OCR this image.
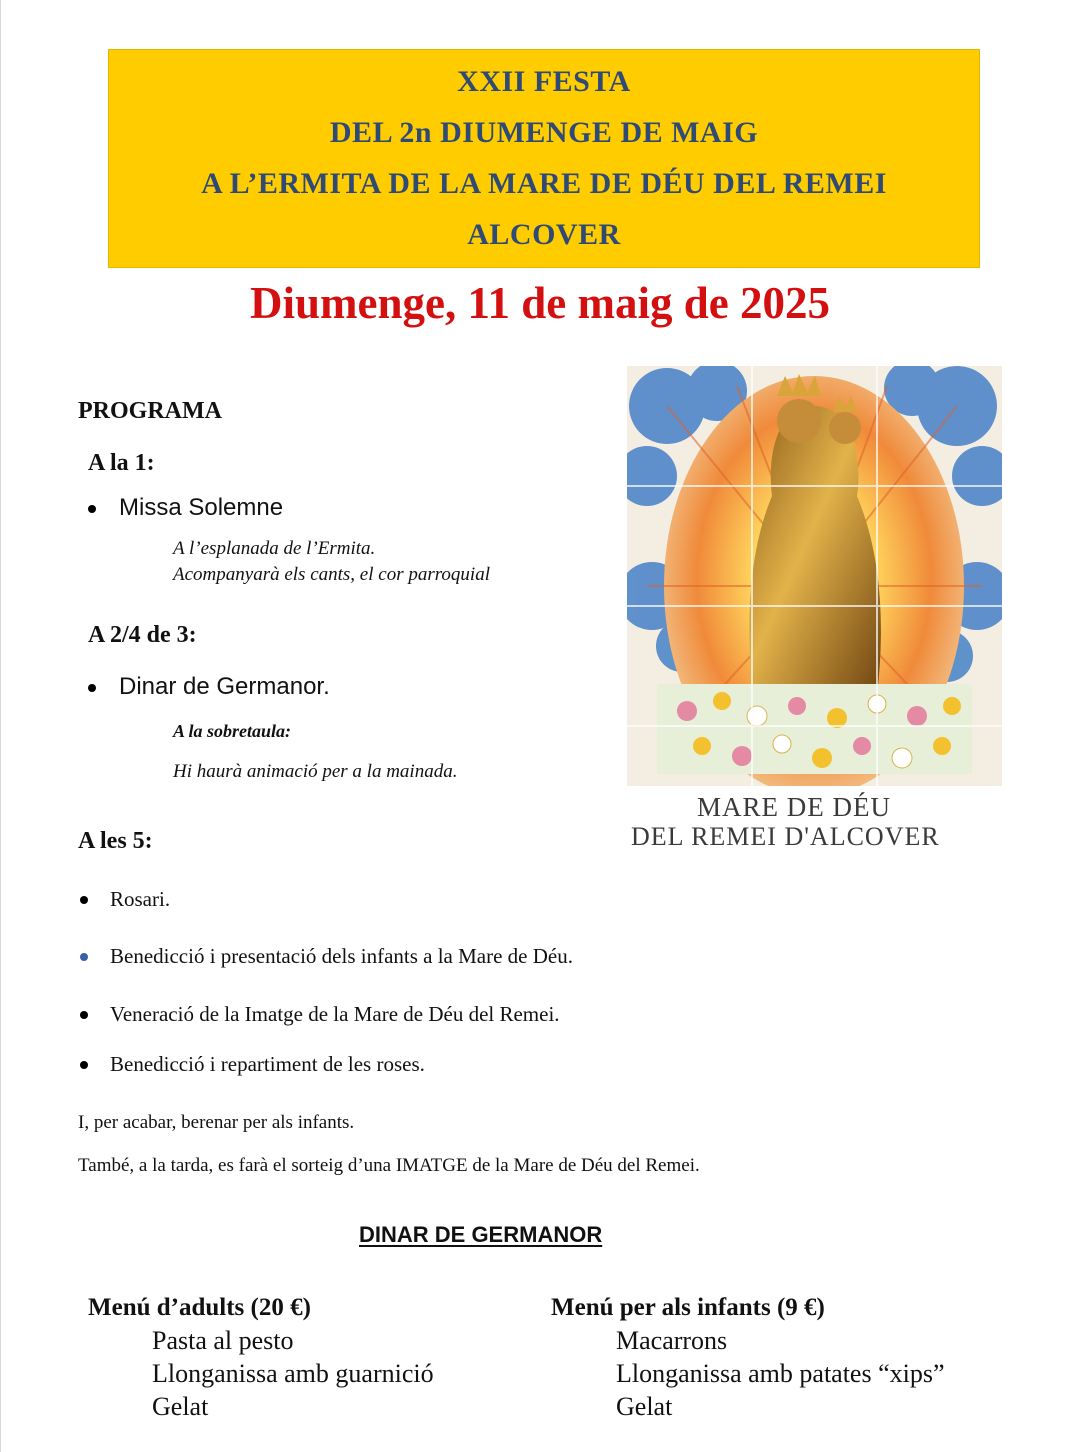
XXII FESTA
DEL 2n DIUMENGE DE MAIG
A L’ERMITA DE LA MARE DE DÉU DEL REMEI
ALCOVER
Diumenge, 11 de maig de 2025
PROGRAMA
A la 1:
Missa Solemne
A l’esplanada de l’Ermita.
Acompanyarà els cants, el cor parroquial
A 2/4 de 3:
Dinar de Germanor.
A la sobretaula:
Hi haurà animació per a la mainada.
A les 5:
Rosari.
Benedicció i presentació dels infants a la Mare de Déu.
Veneració de la Imatge de la Mare de Déu del Remei.
Benedicció i repartiment de les roses.
I, per acabar, berenar per als infants.
També, a la tarda, es farà el sorteig d’una IMATGE de la Mare de Déu del Remei.
MARE DE DÉU
DEL REMEI D'ALCOVER
DINAR DE GERMANOR
Menú d’adults (20 €)
Pasta al pesto
Llonganissa amb guarnició
Gelat
Menú per als infants (9 €)
Macarrons
Llonganissa amb patates “xips”
Gelat
